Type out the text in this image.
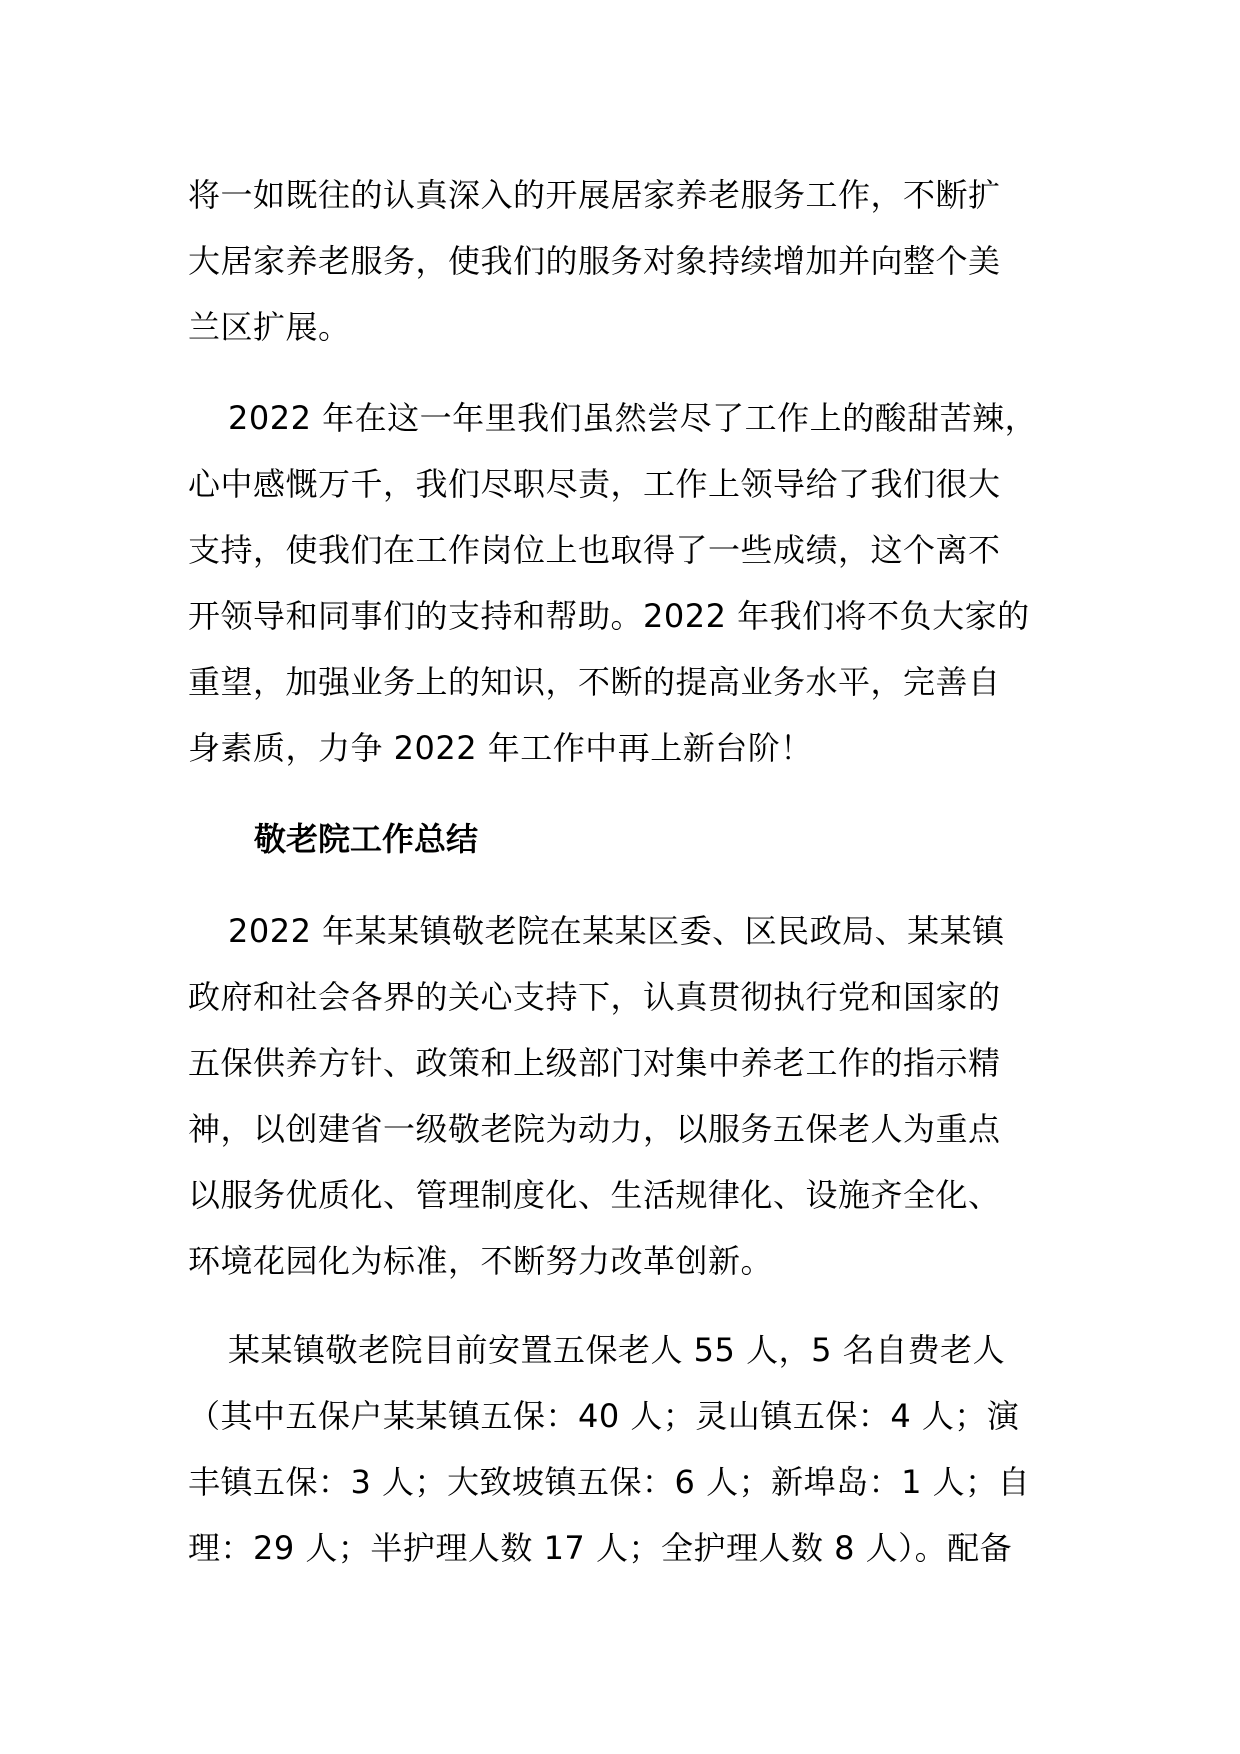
将一如既往的认真深入的开展居家养老服务工作，不断扩
大居家养老服务，使我们的服务对象持续增加并向整个美
兰区扩展。
2022 年在这一年里我们虽然尝尽了工作上的酸甜苦辣，
心中感慨万千，我们尽职尽责，工作上领导给了我们很大
支持，使我们在工作岗位上也取得了一些成绩，这个离不
开领导和同事们的支持和帮助。2022 年我们将不负大家的
重望，加强业务上的知识，不断的提高业务水平，完善自
身素质，力争 2022 年工作中再上新台阶！
敬老院工作总结
2022 年某某镇敬老院在某某区委、区民政局、某某镇
政府和社会各界的关心支持下，认真贯彻执行党和国家的
五保供养方针、政策和上级部门对集中养老工作的指示精
神，以创建省一级敬老院为动力，以服务五保老人为重点
以服务优质化、管理制度化、生活规律化、设施齐全化、
环境花园化为标准，不断努力改革创新。
某某镇敬老院目前安置五保老人 55 人，5 名自费老人
（其中五保户某某镇五保：40 人；灵山镇五保：4 人；演
丰镇五保：3 人；大致坡镇五保：6 人；新埠岛：1 人；自
理：29 人；半护理人数 17 人；全护理人数 8 人）。配备
